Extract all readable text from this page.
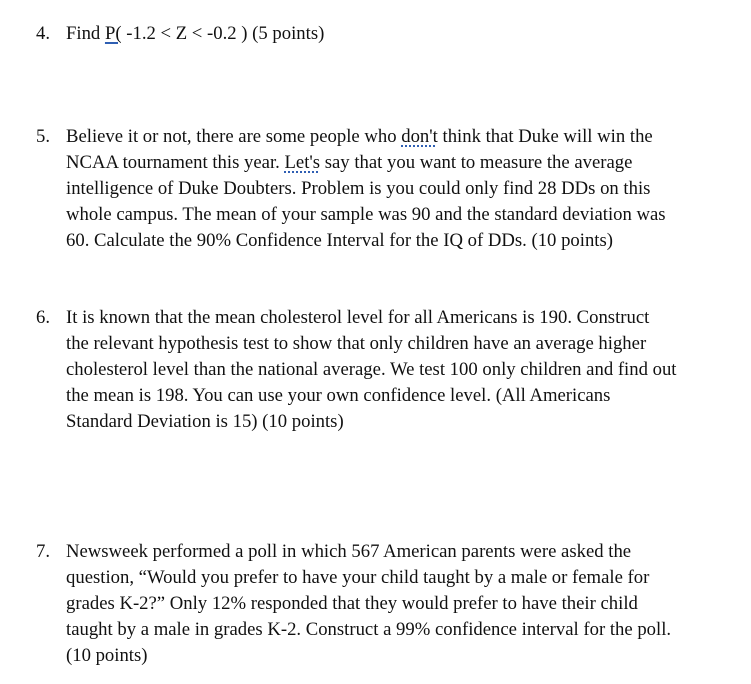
4. Find P( -1.2 < Z < -0.2 ) (5 points)
5. Believe it or not, there are some people who don't think that Duke will win the
NCAA tournament this year. Let's say that you want to measure the average
intelligence of Duke Doubters. Problem is you could only find 28 DDs on this
whole campus. The mean of your sample was 90 and the standard deviation was
60. Calculate the 90% Confidence Interval for the IQ of DDs. (10 points)
6. It is known that the mean cholesterol level for all Americans is 190. Construct
the relevant hypothesis test to show that only children have an average higher
cholesterol level than the national average. We test 100 only children and find out
the mean is 198. You can use your own confidence level. (All Americans
Standard Deviation is 15) (10 points)
7. Newsweek performed a poll in which 567 American parents were asked the
question, “Would you prefer to have your child taught by a male or female for
grades K-2?” Only 12% responded that they would prefer to have their child
taught by a male in grades K-2. Construct a 99% confidence interval for the poll.
(10 points)
